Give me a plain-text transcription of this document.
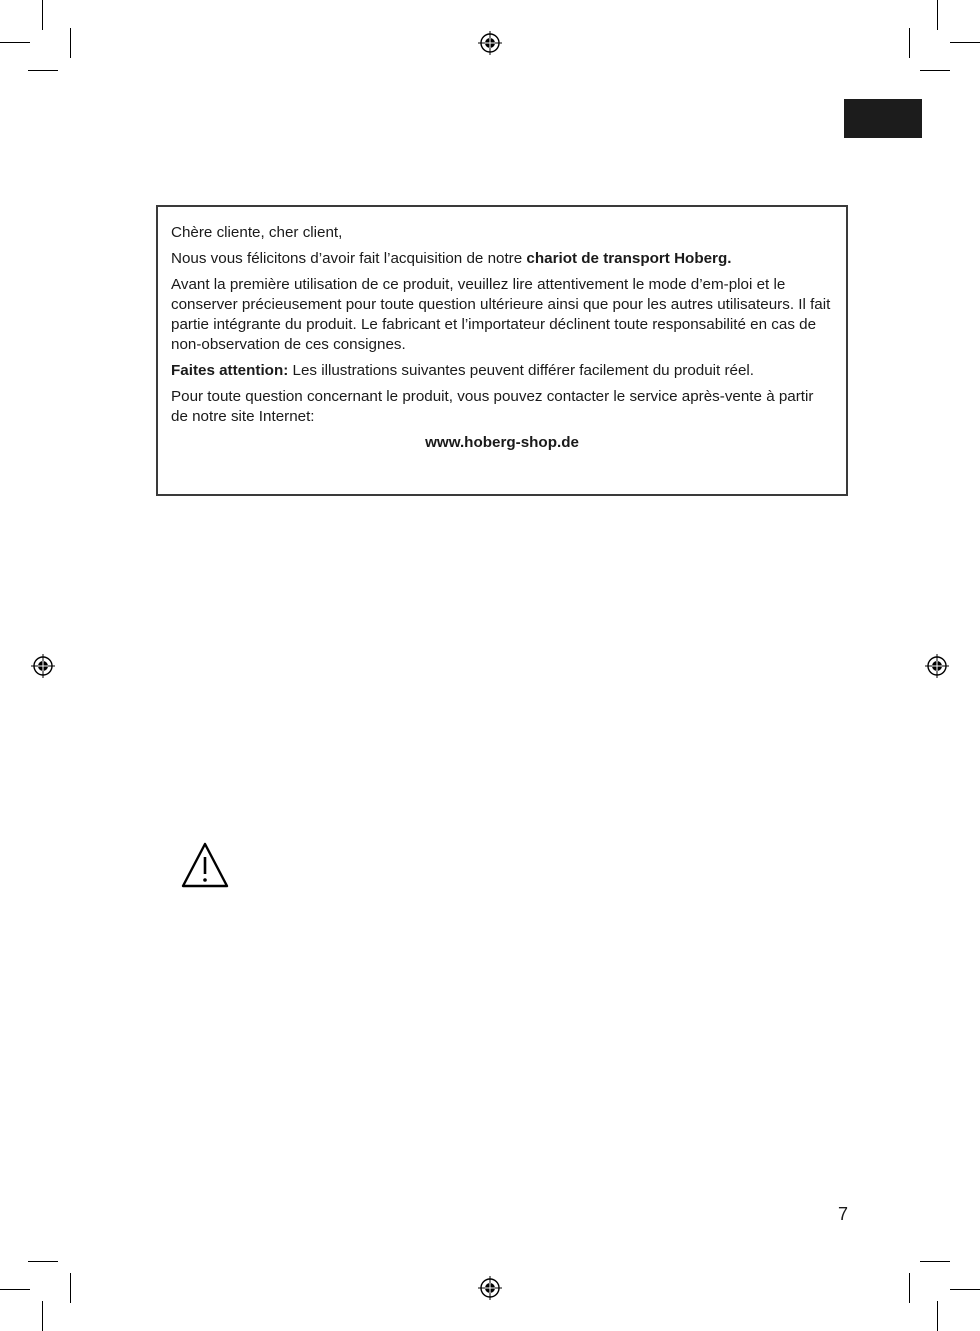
Chère cliente, cher client,

Nous vous félicitons d’avoir fait l’acquisition de notre chariot de transport Hoberg.

Avant la première utilisation de ce produit, veuillez lire attentivement le mode d’em-ploi et le conserver précieusement pour toute question ultérieure ainsi que pour les autres utilisateurs. Il fait partie intégrante du produit. Le fabricant et l’importateur déclinent toute responsabilité en cas de non-observation de ces consignes.

Faites attention: Les illustrations suivantes peuvent différer facilement du produit réel.

Pour toute question concernant le produit, vous pouvez contacter le service après-vente à partir de notre site Internet:

www.hoberg-shop.de

7
